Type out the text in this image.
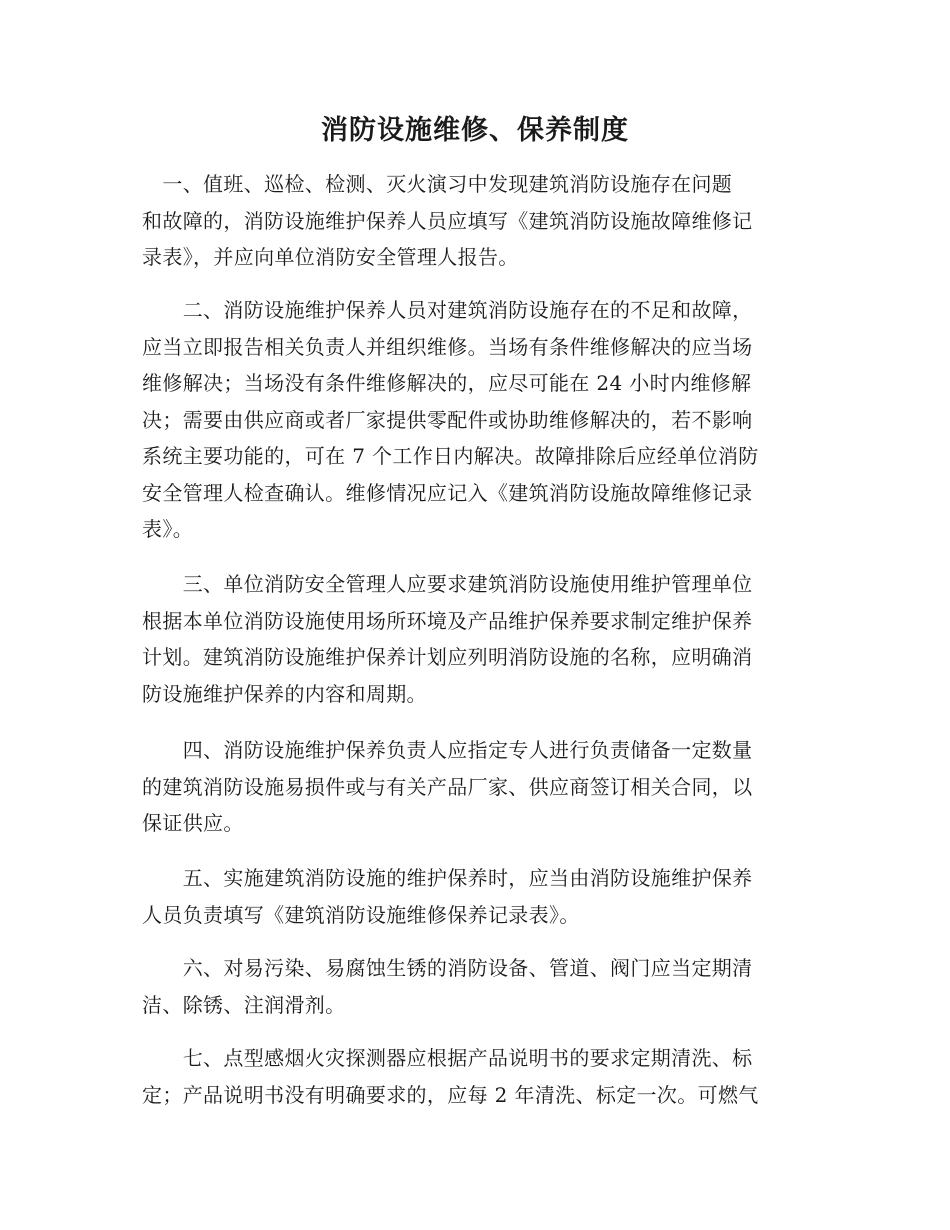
消防设施维修、保养制度

　一、值班、巡检、检测、灭火演习中发现建筑消防设施存在问题
和故障的，消防设施维护保养人员应填写《建筑消防设施故障维修记
录表》，并应向单位消防安全管理人报告。

　　二、消防设施维护保养人员对建筑消防设施存在的不足和故障，
应当立即报告相关负责人并组织维修。当场有条件维修解决的应当场
维修解决；当场没有条件维修解决的，应尽可能在 24 小时内维修解
决；需要由供应商或者厂家提供零配件或协助维修解决的，若不影响
系统主要功能的，可在 7 个工作日内解决。故障排除后应经单位消防
安全管理人检查确认。维修情况应记入《建筑消防设施故障维修记录
表》。

　　三、单位消防安全管理人应要求建筑消防设施使用维护管理单位
根据本单位消防设施使用场所环境及产品维护保养要求制定维护保养
计划。建筑消防设施维护保养计划应列明消防设施的名称，应明确消
防设施维护保养的内容和周期。

　　四、消防设施维护保养负责人应指定专人进行负责储备一定数量
的建筑消防设施易损件或与有关产品厂家、供应商签订相关合同，以
保证供应。

　　五、实施建筑消防设施的维护保养时，应当由消防设施维护保养
人员负责填写《建筑消防设施维修保养记录表》。

　　六、对易污染、易腐蚀生锈的消防设备、管道、阀门应当定期清
洁、除锈、注润滑剂。

　　七、点型感烟火灾探测器应根据产品说明书的要求定期清洗、标
定；产品说明书没有明确要求的，应每 2 年清洗、标定一次。可燃气
